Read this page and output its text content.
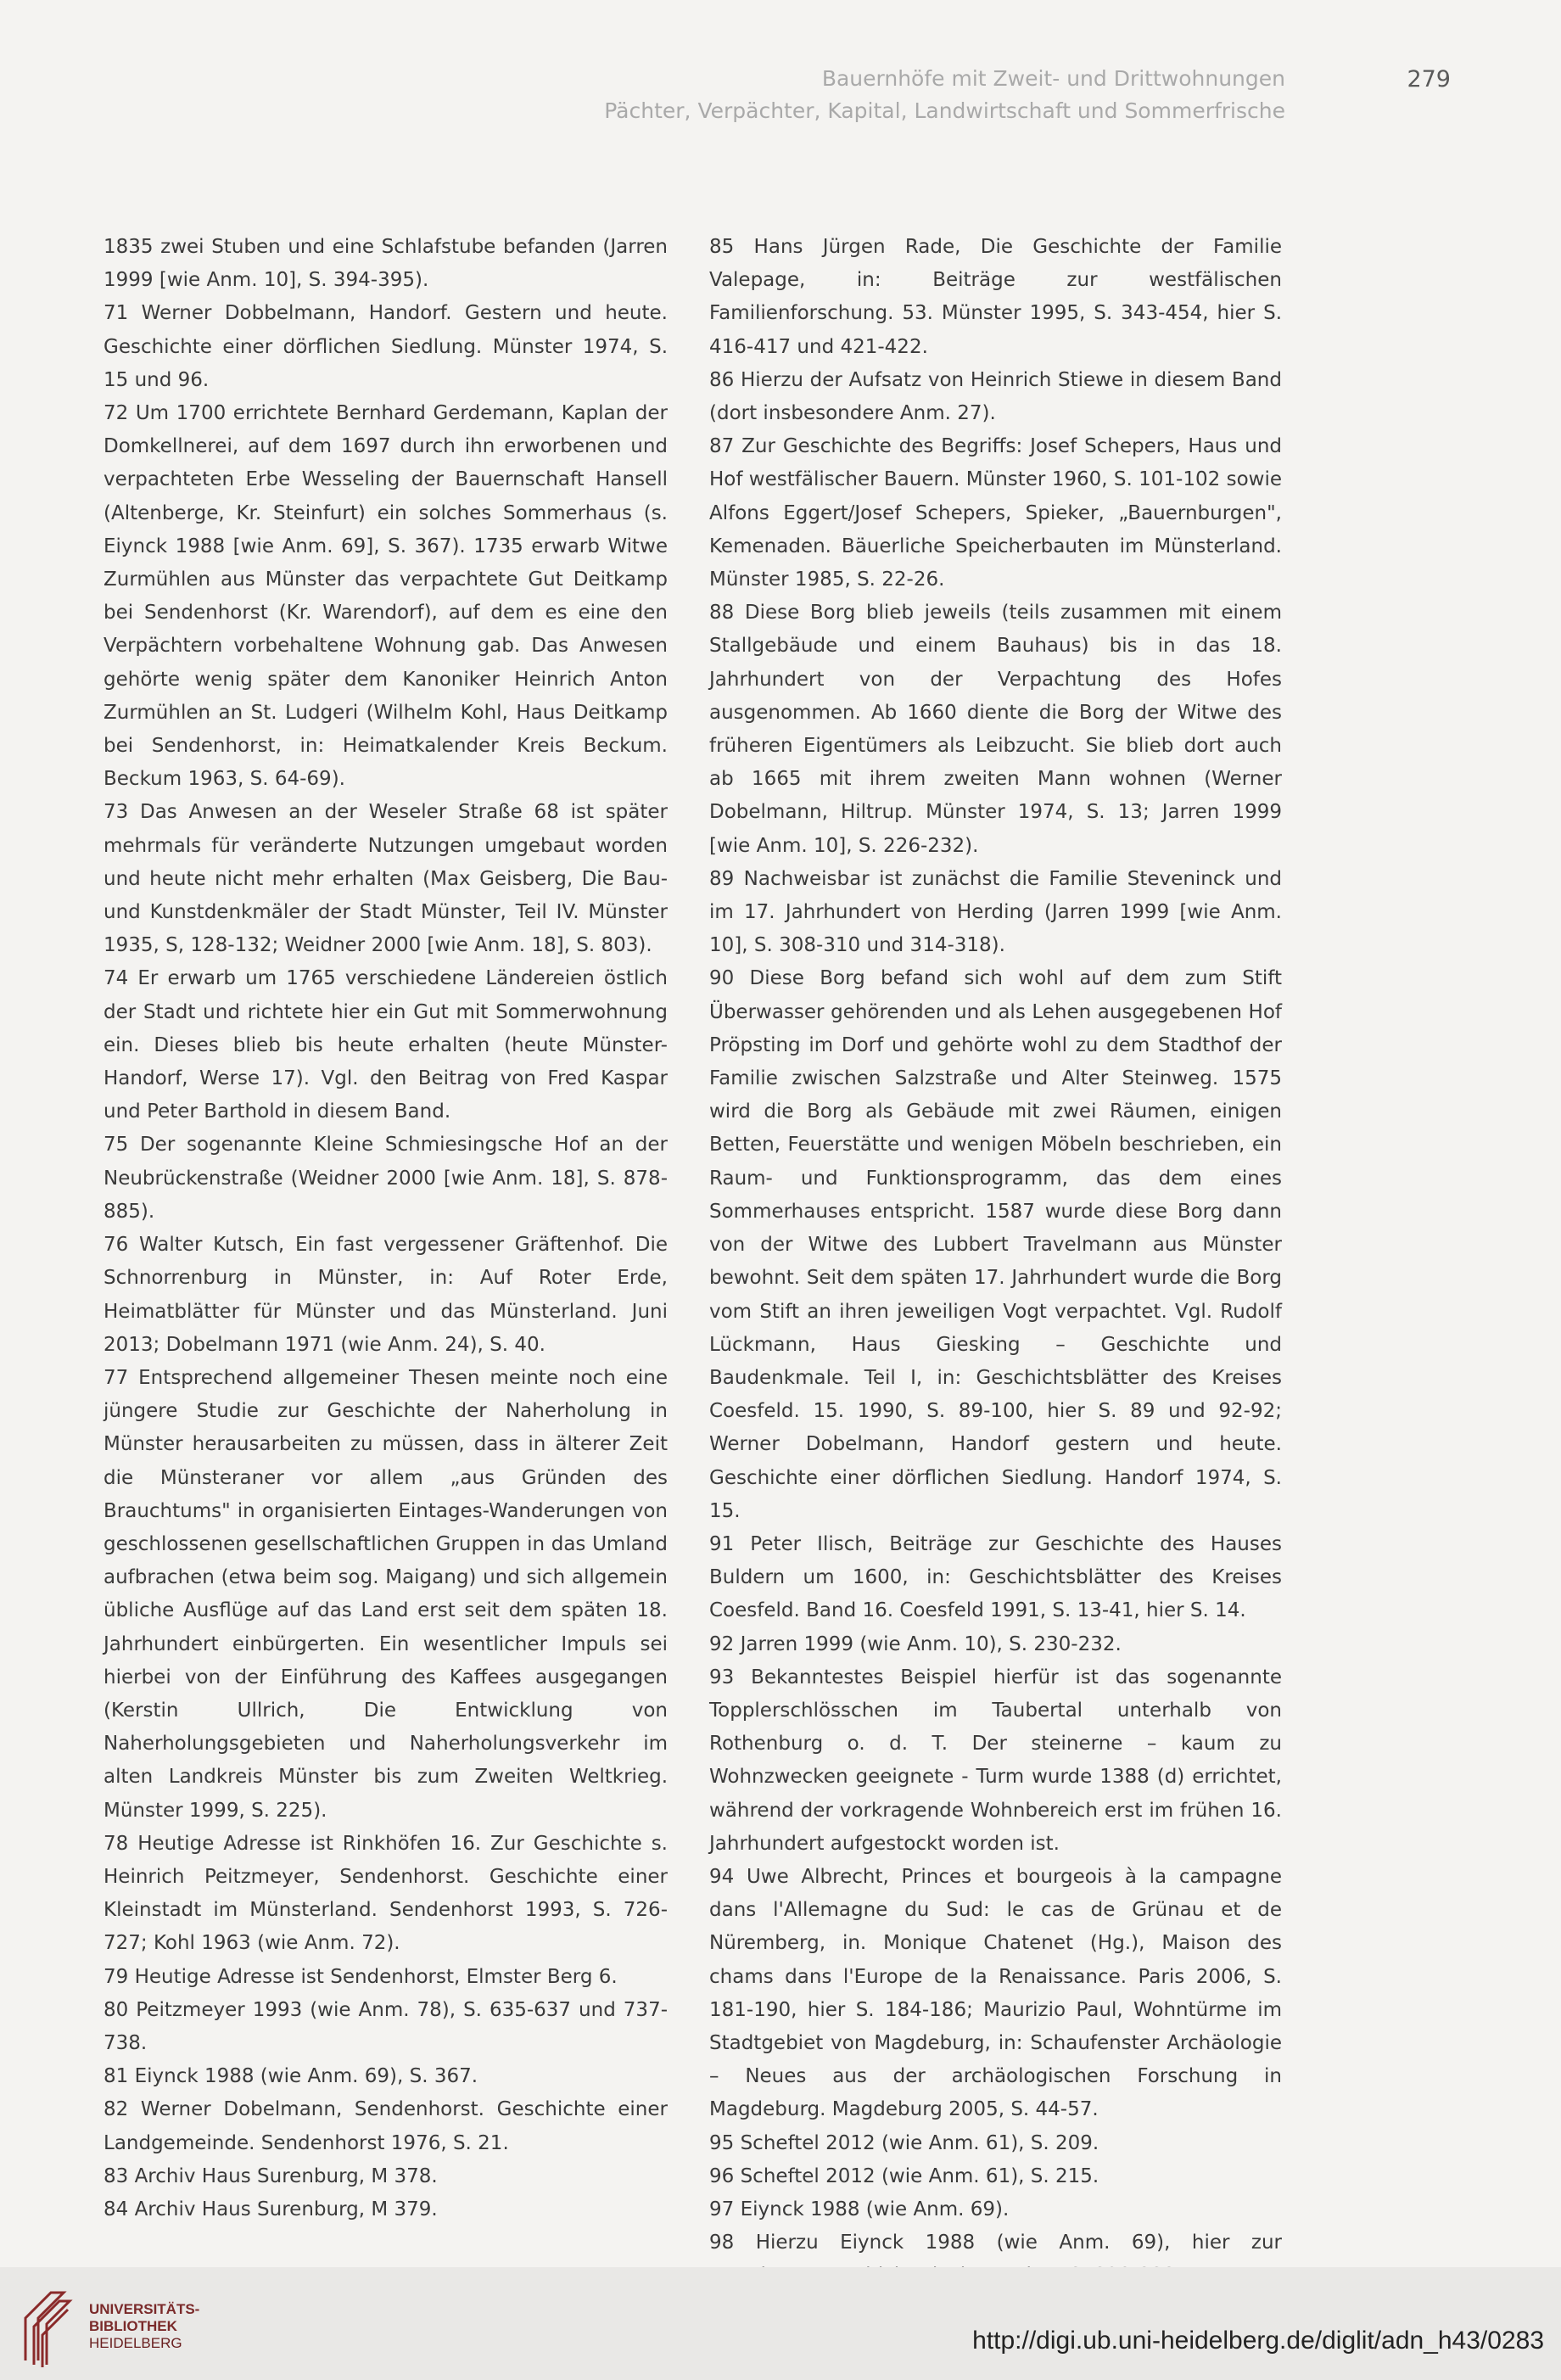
Bauernhöfe mit Zweit- und Drittwohnungen
Pächter, Verpächter, Kapital, Landwirtschaft und Sommerfrische
279

1835 zwei Stuben und eine Schlafstube befanden (Jarren 1999 [wie Anm. 10], S. 394-395).

71 Werner Dobbelmann, Handorf. Gestern und heute. Geschichte einer dörflichen Siedlung. Münster 1974, S. 15 und 96.

72 Um 1700 errichtete Bernhard Gerdemann, Kaplan der Domkellnerei, auf dem 1697 durch ihn erworbenen und verpachteten Erbe Wesseling der Bauernschaft Hansell (Altenberge, Kr. Steinfurt) ein solches Sommerhaus (s. Eiynck 1988 [wie Anm. 69], S. 367). 1735 erwarb Witwe Zurmühlen aus Münster das verpachtete Gut Deitkamp bei Sendenhorst (Kr. Warendorf), auf dem es eine den Verpächtern vorbehaltene Wohnung gab. Das Anwesen gehörte wenig später dem Kanoniker Heinrich Anton Zurmühlen an St. Ludgeri (Wilhelm Kohl, Haus Deitkamp bei Sendenhorst, in: Heimatkalender Kreis Beckum. Beckum 1963, S. 64-69).

73 Das Anwesen an der Weseler Straße 68 ist später mehrmals für veränderte Nutzungen umgebaut worden und heute nicht mehr erhalten (Max Geisberg, Die Bau- und Kunstdenkmäler der Stadt Münster, Teil IV. Münster 1935, S, 128-132; Weidner 2000 [wie Anm. 18], S. 803).

74 Er erwarb um 1765 verschiedene Ländereien östlich der Stadt und richtete hier ein Gut mit Sommerwohnung ein. Dieses blieb bis heute erhalten (heute Münster-Handorf, Werse 17). Vgl. den Beitrag von Fred Kaspar und Peter Barthold in diesem Band.

75 Der sogenannte Kleine Schmiesingsche Hof an der Neubrückenstraße (Weidner 2000 [wie Anm. 18], S. 878-885).

76 Walter Kutsch, Ein fast vergessener Gräftenhof. Die Schnorrenburg in Münster, in: Auf Roter Erde, Heimatblätter für Münster und das Münsterland. Juni 2013; Dobelmann 1971 (wie Anm. 24), S. 40.

77 Entsprechend allgemeiner Thesen meinte noch eine jüngere Studie zur Geschichte der Naherholung in Münster herausarbeiten zu müssen, dass in älterer Zeit die Münsteraner vor allem „aus Gründen des Brauchtums" in organisierten Eintages-Wanderungen von geschlossenen gesellschaftlichen Gruppen in das Umland aufbrachen (etwa beim sog. Maigang) und sich allgemein übliche Ausflüge auf das Land erst seit dem späten 18. Jahrhundert einbürgerten. Ein wesentlicher Impuls sei hierbei von der Einführung des Kaffees ausgegangen (Kerstin Ullrich, Die Entwicklung von Naherholungsgebieten und Naherholungsverkehr im alten Landkreis Münster bis zum Zweiten Weltkrieg. Münster 1999, S. 225).

78 Heutige Adresse ist Rinkhöfen 16. Zur Geschichte s. Heinrich Peitzmeyer, Sendenhorst. Geschichte einer Kleinstadt im Münsterland. Sendenhorst 1993, S. 726-727; Kohl 1963 (wie Anm. 72).

79 Heutige Adresse ist Sendenhorst, Elmster Berg 6.

80 Peitzmeyer 1993 (wie Anm. 78), S. 635-637 und 737-738.

81 Eiynck 1988 (wie Anm. 69), S. 367.

82 Werner Dobelmann, Sendenhorst. Geschichte einer Landgemeinde. Sendenhorst 1976, S. 21.

83 Archiv Haus Surenburg, M 378.

84 Archiv Haus Surenburg, M 379.

85 Hans Jürgen Rade, Die Geschichte der Familie Valepage, in: Beiträge zur westfälischen Familienforschung. 53. Münster 1995, S. 343-454, hier S. 416-417 und 421-422.

86 Hierzu der Aufsatz von Heinrich Stiewe in diesem Band (dort insbesondere Anm. 27).

87 Zur Geschichte des Begriffs: Josef Schepers, Haus und Hof westfälischer Bauern. Münster 1960, S. 101-102 sowie Alfons Eggert/Josef Schepers, Spieker, „Bauernburgen", Kemenaden. Bäuerliche Speicherbauten im Münsterland. Münster 1985, S. 22-26.

88 Diese Borg blieb jeweils (teils zusammen mit einem Stallgebäude und einem Bauhaus) bis in das 18. Jahrhundert von der Verpachtung des Hofes ausgenommen. Ab 1660 diente die Borg der Witwe des früheren Eigentümers als Leibzucht. Sie blieb dort auch ab 1665 mit ihrem zweiten Mann wohnen (Werner Dobelmann, Hiltrup. Münster 1974, S. 13; Jarren 1999 [wie Anm. 10], S. 226-232).

89 Nachweisbar ist zunächst die Familie Steveninck und im 17. Jahrhundert von Herding (Jarren 1999 [wie Anm. 10], S. 308-310 und 314-318).

90 Diese Borg befand sich wohl auf dem zum Stift Überwasser gehörenden und als Lehen ausgegebenen Hof Pröpsting im Dorf und gehörte wohl zu dem Stadthof der Familie zwischen Salzstraße und Alter Steinweg. 1575 wird die Borg als Gebäude mit zwei Räumen, einigen Betten, Feuerstätte und wenigen Möbeln beschrieben, ein Raum- und Funktionsprogramm, das dem eines Sommerhauses entspricht. 1587 wurde diese Borg dann von der Witwe des Lubbert Travelmann aus Münster bewohnt. Seit dem späten 17. Jahrhundert wurde die Borg vom Stift an ihren jeweiligen Vogt verpachtet. Vgl. Rudolf Lückmann, Haus Giesking – Geschichte und Baudenkmale. Teil I, in: Geschichtsblätter des Kreises Coesfeld. 15. 1990, S. 89-100, hier S. 89 und 92-92; Werner Dobelmann, Handorf gestern und heute. Geschichte einer dörflichen Siedlung. Handorf 1974, S. 15.

91 Peter Ilisch, Beiträge zur Geschichte des Hauses Buldern um 1600, in: Geschichtsblätter des Kreises Coesfeld. Band 16. Coesfeld 1991, S. 13-41, hier S. 14.

92 Jarren 1999 (wie Anm. 10), S. 230-232.

93 Bekanntestes Beispiel hierfür ist das sogenannte Topplerschlösschen im Taubertal unterhalb von Rothenburg o. d. T. Der steinerne – kaum zu Wohnzwecken geeignete - Turm wurde 1388 (d) errichtet, während der vorkragende Wohnbereich erst im frühen 16. Jahrhundert aufgestockt worden ist.

94 Uwe Albrecht, Princes et bourgeois à la campagne dans l'Allemagne du Sud: le cas de Grünau et de Nüremberg, in. Monique Chatenet (Hg.), Maison des chams dans l'Europe de la Renaissance. Paris 2006, S. 181-190, hier S. 184-186; Maurizio Paul, Wohntürme im Stadtgebiet von Magdeburg, in: Schaufenster Archäologie – Neues aus der archäologischen Forschung in Magdeburg. Magdeburg 2005, S. 44-57.

95 Scheftel 2012 (wie Anm. 61), S. 209.

96 Scheftel 2012 (wie Anm. 61), S. 215.

97 Eiynck 1988 (wie Anm. 69).

98 Hierzu Eiynck 1988 (wie Anm. 69), hier zur

UNIVERSITÄTS-
BIBLIOTHEK
HEIDELBERG	http://digi.ub.uni-heidelberg.de/diglit/adn_h43/0283
